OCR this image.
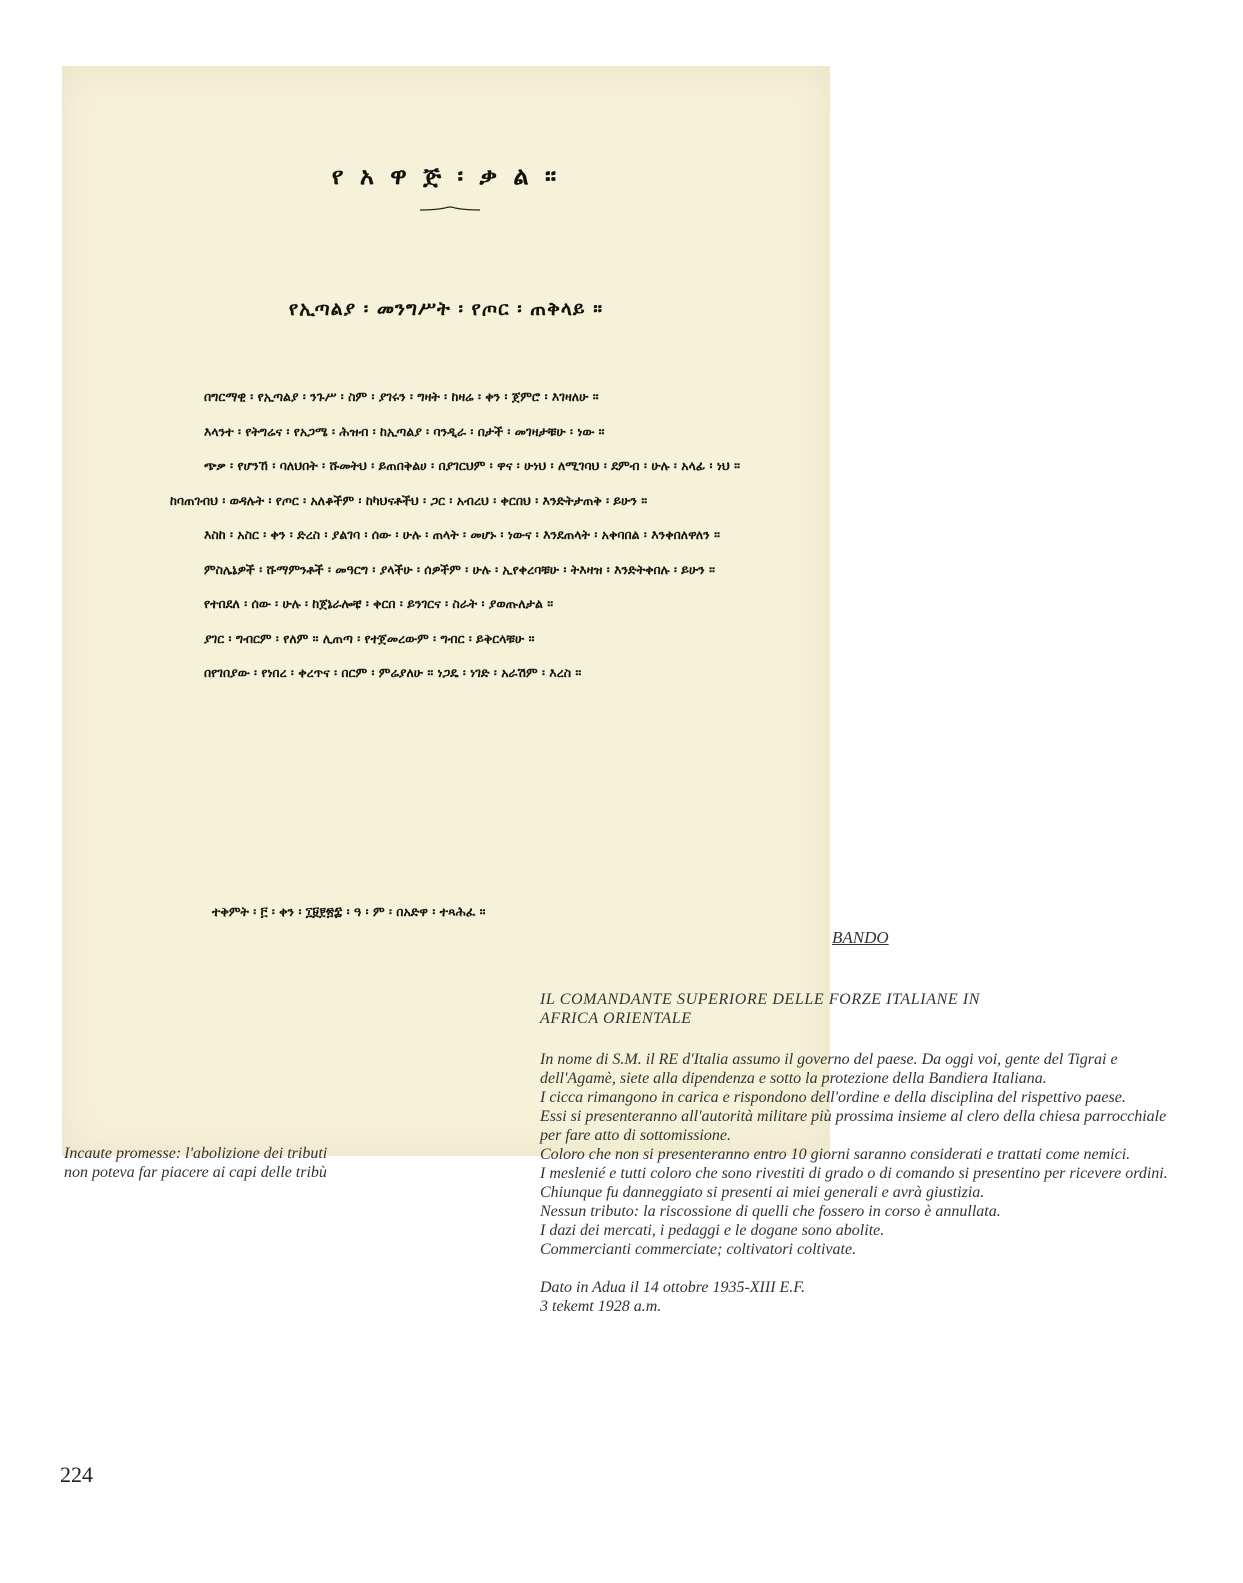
የ አ ዋ ጅ ፡ ቃ ል ።
የኢጣልያ ፡ መንግሥት ፡ የጦር ፡ ጠቅላይ ።

በግርማዊ ፡ የኢጣልያ ፡ ንጉሥ ፡ ስም ፡ ያገሩን ፡ ግዛት ፡ ከዛሬ ፡ ቀን ፡ ጀምሮ ፡ እገዛለሁ ።

እላንተ ፡ የትግሬና ፡ የአጋሜ ፡ ሕዝብ ፡ ከኢጣልያ ፡ ባንዲራ ፡ በታች ፡ መገዛታቹሁ ፡ ነው ።

ጭቃ ፡ የሆንኸ ፡ ባለህበት ፡ ሹመትህ ፡ ይጠበቅልሀ ፡ በያገርህም ፡ ዋና ፡ ሁነህ ፡ ለሚገባህ ፡ ደምብ ፡ ሁሉ ፡ አላፊ ፡ ነህ ። ከባጠገብህ ፡ ወዳሉት ፡ የጦር ፡ አለቆችም ፡ ከካህናቶችህ ፡ ጋር ፡ አብረህ ፡ ቀርበህ ፡ እንድትታጠቅ ፡ ይሁን ።

እስከ ፡ አስር ፡ ቀን ፡ ድረስ ፡ ያልገባ ፡ ሰው ፡ ሁሉ ፡ ጠላት ፡ መሆኑ ፡ ነውና ፡ እንደጠላት ፡ አቀባበል ፡ እንቀበለዋለን ።

ምስሌኔዎች ፡ ሹማምንቶች ፡ መዓርግ ፡ ያላችሁ ፡ ሰዎችም ፡ ሁሉ ፡ ኢየቀረባቹሁ ፡ ትእዛዝ ፡ እንድትቀበሉ ፡ ይሁን ።

የተበደለ ፡ ሰው ፡ ሁሉ ፡ ከጀኔራሎቼ ፡ ቀርበ ፡ ይንገርና ፡ ስራት ፡ ያወጡለታል ።

ያገር ፡ ግብርም ፡ የለም ። ሊጠጣ ፡ የተጀመረውም ፡ ግብር ፡ ይቅርላቹሁ ።

በየገበያው ፡ የነበረ ፡ ቀረጥና ፡ በርም ፡ ምሬያለሁ ። ነጋዴ ፡ ነገድ ፡ አራሽም ፡ እረስ ።

ተቅምት ፡ ፫ ፡ ቀን ፡ ፲፱፻፳፰ ፡ ዓ ፡ ም ፡ በአድዋ ፡ ተጻሕፈ ።
Incaute promesse: l'abolizione dei tributi
non poteva far piacere ai capi delle tribù
BANDO
IL COMANDANTE SUPERIORE DELLE FORZE ITALIANE IN
AFRICA ORIENTALE

In nome di S.M. il RE d'Italia assumo il governo del paese. Da oggi voi, gente del Tigrai e dell'Agamè, siete alla dipendenza e sotto la protezione della Bandiera Italiana.

I cicca rimangono in carica e rispondono dell'ordine e della disciplina del rispettivo paese.

Essi si presenteranno all'autorità militare più prossima insieme al clero della chiesa parrocchiale per fare atto di sottomissione.

Coloro che non si presenteranno entro 10 giorni saranno considerati e trattati come nemici.

I meslenié e tutti coloro che sono rivestiti di grado o di comando si presentino per ricevere ordini.

Chiunque fu danneggiato si presenti ai miei generali e avrà giustizia.

Nessun tributo: la riscossione di quelli che fossero in corso è annullata.

I dazi dei mercati, i pedaggi e le dogane sono abolite.

Commercianti commerciate; coltivatori coltivate.

Dato in Adua il 14 ottobre 1935-XIII E.F.

3 tekemt 1928 a.m.

224
